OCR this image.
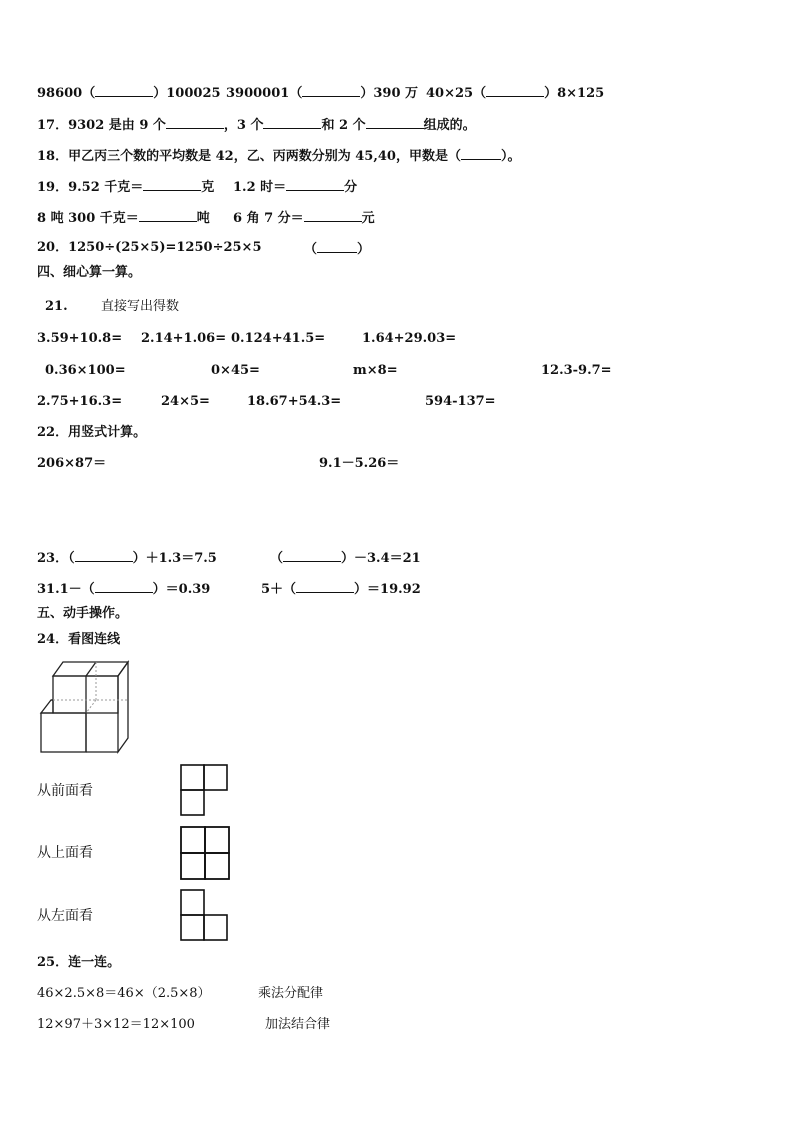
98600（	）100025 3900001（	）390 万 40×25（	）8×125
17．9302 是由 9 个	，3 个	和 2 个	组成的。
18．甲乙丙三个数的平均数是 42，乙、丙两数分别为 45,40，甲数是（	）。
19．9.52 千克＝	克 1.2 时＝	分
8 吨 300 千克＝	吨 6 角 7 分＝	元
20．1250÷(25×5)=1250÷25×5	（	）
四、细心算一算。
21.	直接写出得数
3.59+10.8= 2.14+1.06= 0.124+41.5=	1.64+29.03=
0.36×100=	0×45=	m×8=	12.3-9.7=
2.75+16.3=	24×5=	18.67+54.3=	594-137=
22．用竖式计算。
206×87＝	9.1－5.26＝
23．（	）＋1.3＝7.5	（	）－3.4＝21
31.1－（	）＝0.39	5＋（	）＝19.92
五、动手操作。
24．看图连线
从前面看
从上面看
从左面看
25．连一连。
46×2.5×8＝46×（2.5×8）	乘法分配律
12×97＋3×12＝12×100	加法结合律
